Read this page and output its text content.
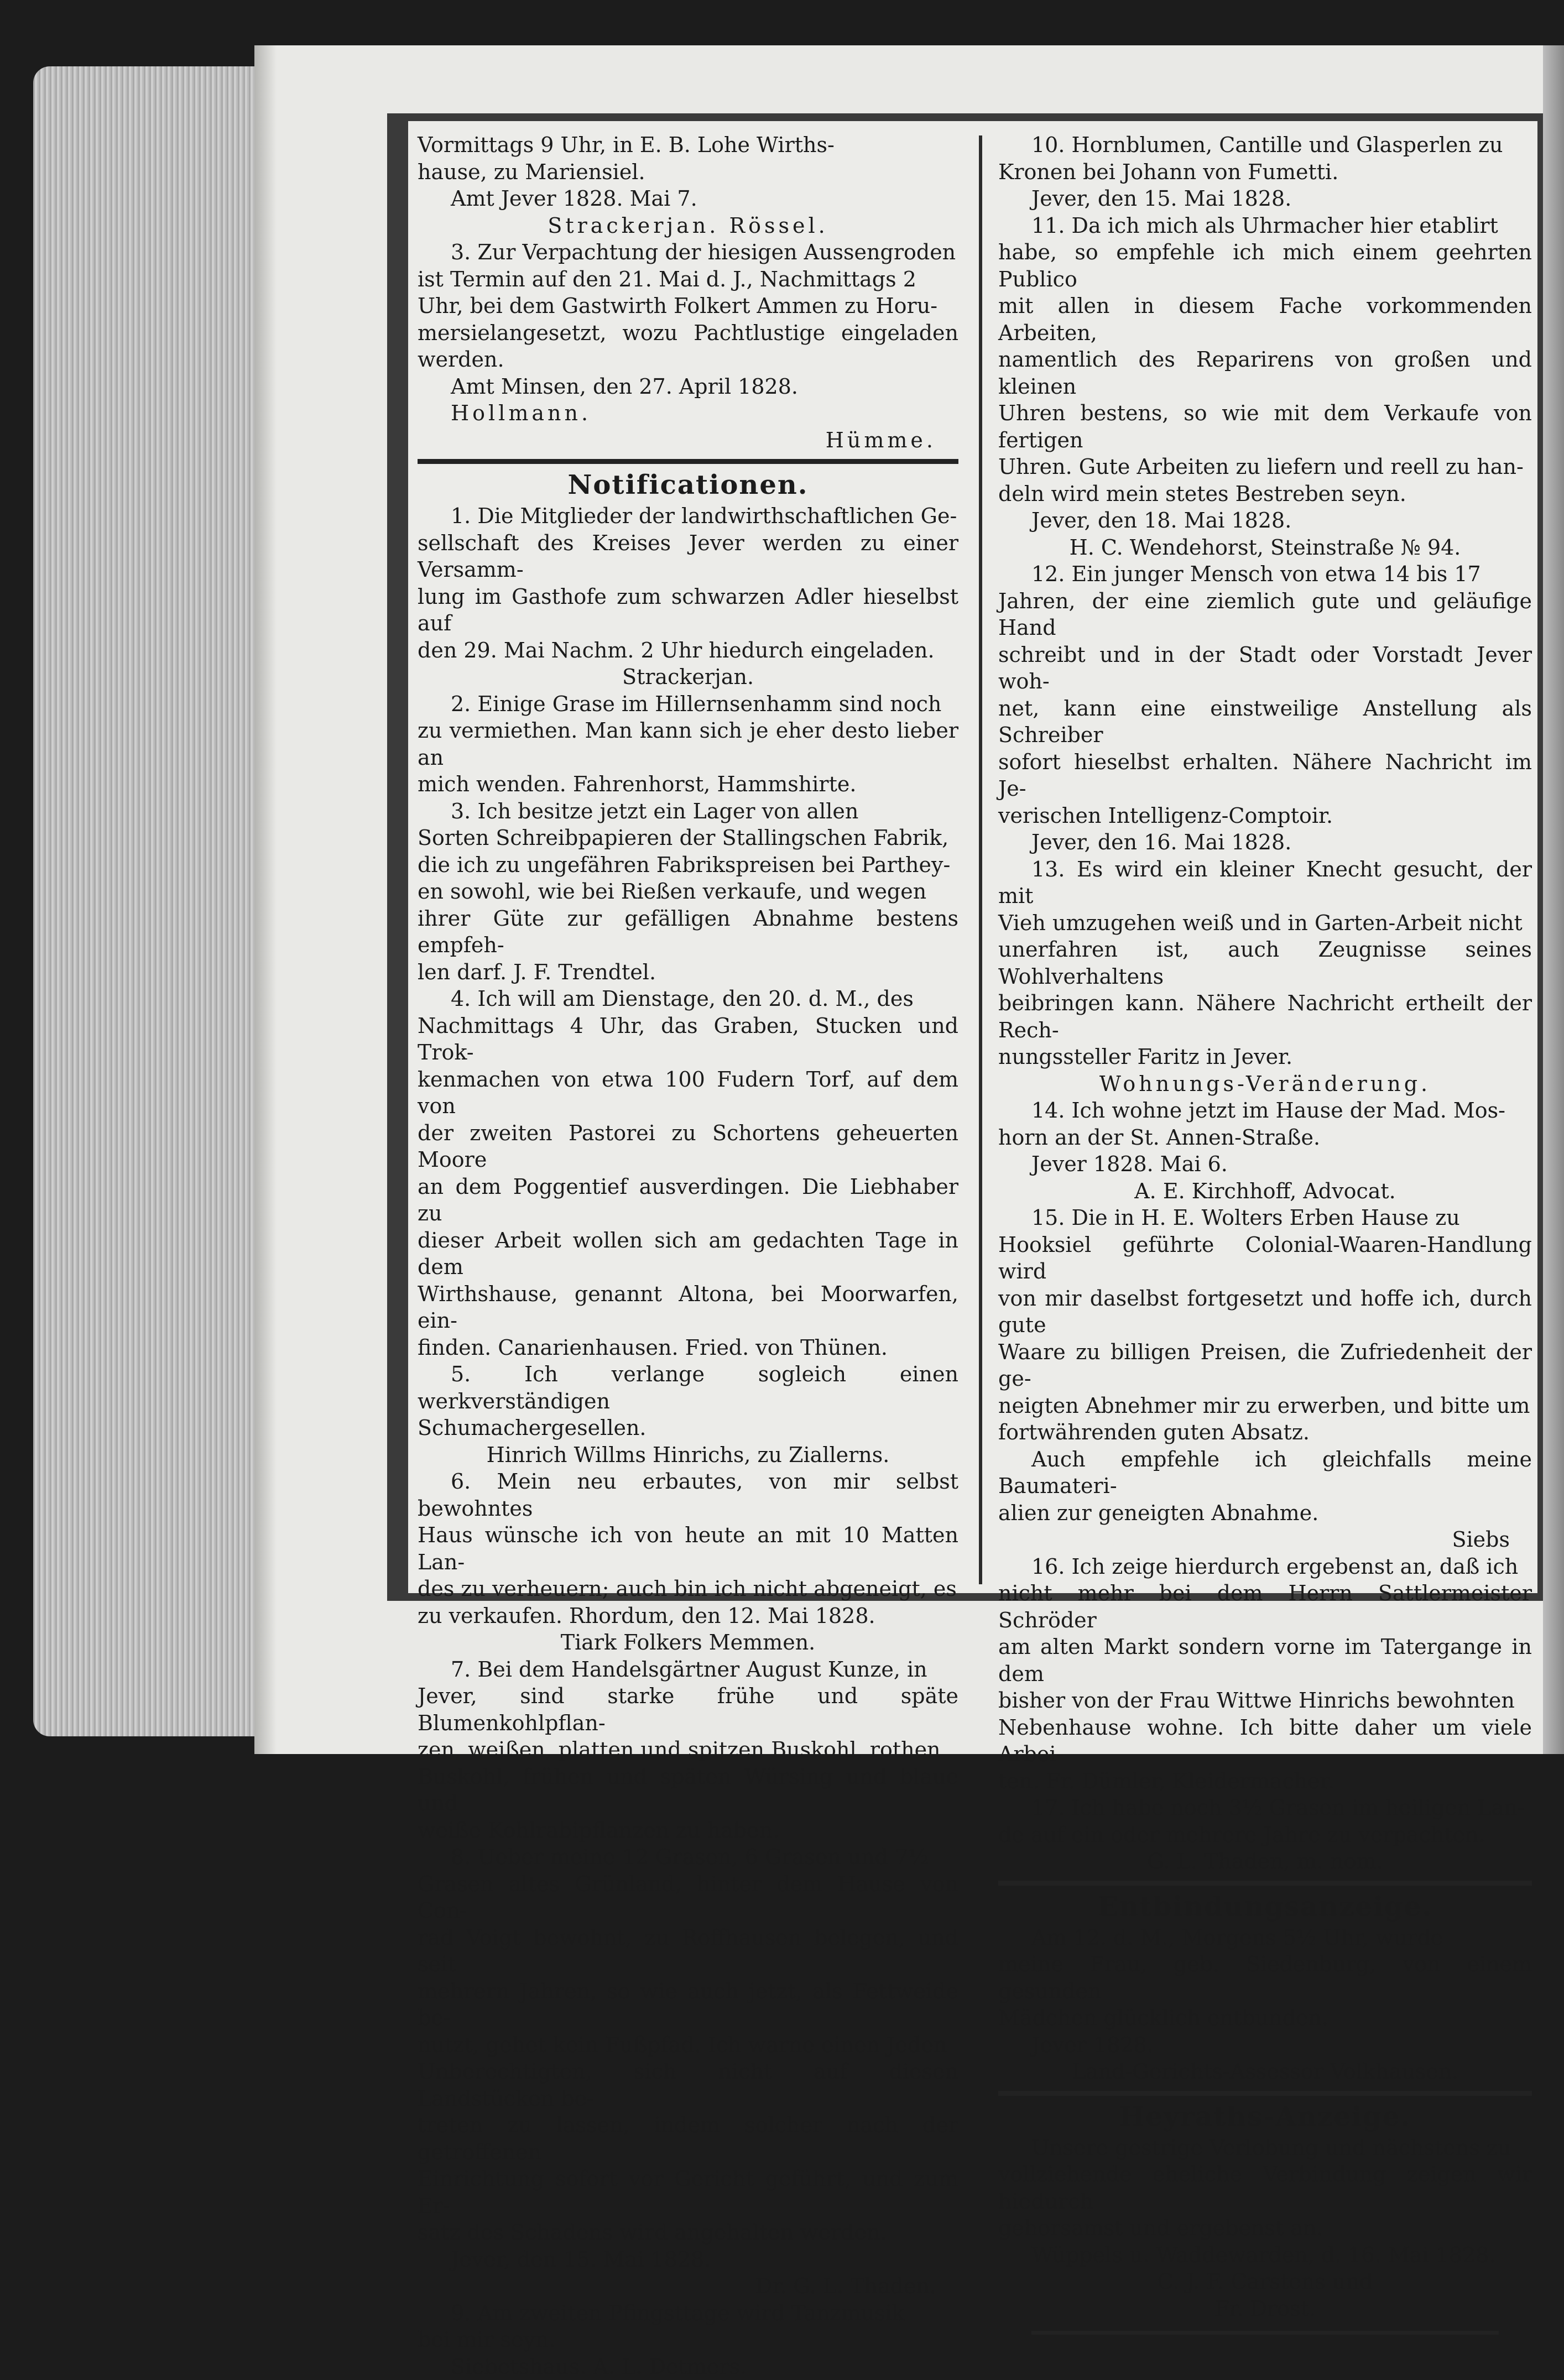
Vormittags 9 Uhr, in E. B. Lohe Wirths-

hause, zu Mariensiel.

Amt Jever 1828. Mai 7.

Strackerjan. Rössel.

3. Zur Verpachtung der hiesigen Aussengroden

ist Termin auf den 21. Mai d. J., Nachmittags 2

Uhr, bei dem Gastwirth Folkert Ammen zu Horu-

mersielangesetzt, wozu Pachtlustige eingeladen werden.

Amt Minsen, den 27. April 1828.

Hollmann.

Hümme.

Notificationen.

1. Die Mitglieder der landwirthschaftlichen Ge-

sellschaft des Kreises Jever werden zu einer Versamm-

lung im Gasthofe zum schwarzen Adler hieselbst auf

den 29. Mai Nachm. 2 Uhr hiedurch eingeladen.

Strackerjan.

2. Einige Grase im Hillernsenhamm sind noch

zu vermiethen. Man kann sich je eher desto lieber an

mich wenden. Fahrenhorst, Hammshirte.

3. Ich besitze jetzt ein Lager von allen

Sorten Schreibpapieren der Stallingschen Fabrik,

die ich zu ungefähren Fabrikspreisen bei Parthey-

en sowohl, wie bei Rießen verkaufe, und wegen

ihrer Güte zur gefälligen Abnahme bestens empfeh-

len darf. J. F. Trendtel.

4. Ich will am Dienstage, den 20. d. M., des

Nachmittags 4 Uhr, das Graben, Stucken und Trok-

kenmachen von etwa 100 Fudern Torf, auf dem von

der zweiten Pastorei zu Schortens geheuerten Moore

an dem Poggentief ausverdingen. Die Liebhaber zu

dieser Arbeit wollen sich am gedachten Tage in dem

Wirthshause, genannt Altona, bei Moorwarfen, ein-

finden. Canarienhausen. Fried. von Thünen.

5. Ich verlange sogleich einen werkverständigen

Schumachergesellen.

Hinrich Willms Hinrichs, zu Ziallerns.

6. Mein neu erbautes, von mir selbst bewohntes

Haus wünsche ich von heute an mit 10 Matten Lan-

des zu verheuern; auch bin ich nicht abgeneigt, es

zu verkaufen. Rhordum, den 12. Mai 1828.

Tiark Folkers Memmen.

7. Bei dem Handelsgärtner August Kunze, in

Jever, sind starke frühe und späte Blumenkohlpflan-

zen, weißen, platten und spitzen Buskohl, rothen

Buskohl, frühen und späten Würsing und blaue und

weiße Kohlrabipflanzen zu haben.

8. Ueber meine 12 Grasen, 6 Grasen und 7½

Grasen altes Grünland, hinter dem Hause von Con-

rad Voigt bewohnt, zu Roffhausen belegen, und seit

mehrern Jahren, so wie auch jetzt, als Fettweide be-

nutzt, gehet kein Fußpfad. Ich warne einen Jeden

Unberechtigten, sich nicht auf diesen Landstücken be-

treten zu lassen, indem solcher nach der getroffenen

Einrichtung sofort vor Gericht geführt, und zum Er-

satz des Schadens wird angehalten werden.

Jever, den 15. Mai 1828.

Dr. G. L. Thaden.

9. Am zweiten Pfingsttage wird Tanzmusik

bei mir seyn.

Siebetshaus. A. L. Detmers.

10. Hornblumen, Cantille und Glasperlen zu

Kronen bei Johann von Fumetti.

Jever, den 15. Mai 1828.

11. Da ich mich als Uhrmacher hier etablirt

habe, so empfehle ich mich einem geehrten Publico

mit allen in diesem Fache vorkommenden Arbeiten,

namentlich des Reparirens von großen und kleinen

Uhren bestens, so wie mit dem Verkaufe von fertigen

Uhren. Gute Arbeiten zu liefern und reell zu han-

deln wird mein stetes Bestreben seyn.

Jever, den 18. Mai 1828.

H. C. Wendehorst, Steinstraße № 94.

12. Ein junger Mensch von etwa 14 bis 17

Jahren, der eine ziemlich gute und geläufige Hand

schreibt und in der Stadt oder Vorstadt Jever woh-

net, kann eine einstweilige Anstellung als Schreiber

sofort hieselbst erhalten. Nähere Nachricht im Je-

verischen Intelligenz-Comptoir.

Jever, den 16. Mai 1828.

13. Es wird ein kleiner Knecht gesucht, der mit

Vieh umzugehen weiß und in Garten-Arbeit nicht

unerfahren ist, auch Zeugnisse seines Wohlverhaltens

beibringen kann. Nähere Nachricht ertheilt der Rech-

nungssteller Faritz in Jever.

Wohnungs-Veränderung.

14. Ich wohne jetzt im Hause der Mad. Mos-

horn an der St. Annen-Straße.

Jever 1828. Mai 6.

A. E. Kirchhoff, Advocat.

15. Die in H. E. Wolters Erben Hause zu

Hooksiel geführte Colonial-Waaren-Handlung wird

von mir daselbst fortgesetzt und hoffe ich, durch gute

Waare zu billigen Preisen, die Zufriedenheit der ge-

neigten Abnehmer mir zu erwerben, und bitte um

fortwährenden guten Absatz.

Auch empfehle ich gleichfalls meine Baumateri-

alien zur geneigten Abnahme.

Siebs

16. Ich zeige hierdurch ergebenst an, daß ich

nicht mehr bei dem Herrn Sattlermeister Schröder

am alten Markt sondern vorne im Tatergange in dem

bisher von der Frau Wittwe Hinrichs bewohnten

Nebenhause wohne. Ich bitte daher um viele Arbei-

ten. Fr. Dümler, Kleidermacher.

17. Ich habe noch 3½ Grasen im heiligen Lan-

de auf ein oder mehrere Jahre zu verpachten.

G. L. Thaden, m. nom.

Entbindungsanzeige.

Am 12. d. M., Morgens 5½ Uhr, wurde

meine Frau, geb. Siedenburg, von einem gesunden

Mädchen glücklich entbunden.

Jever 1828.

Land-Gerichts-Assessor Volkhausen.

Heyraths-Anzeige.

Unsere gestrige Verlobung und nächstens zu

vollziehende eheliche Verbindung zeigen wir hiedurch

gehorsamst und ergebenst an.

Wüppels u. Waddewarden, d. 16. Mai 1828.

C. J. F. Carstens und

Fr. Drost.
